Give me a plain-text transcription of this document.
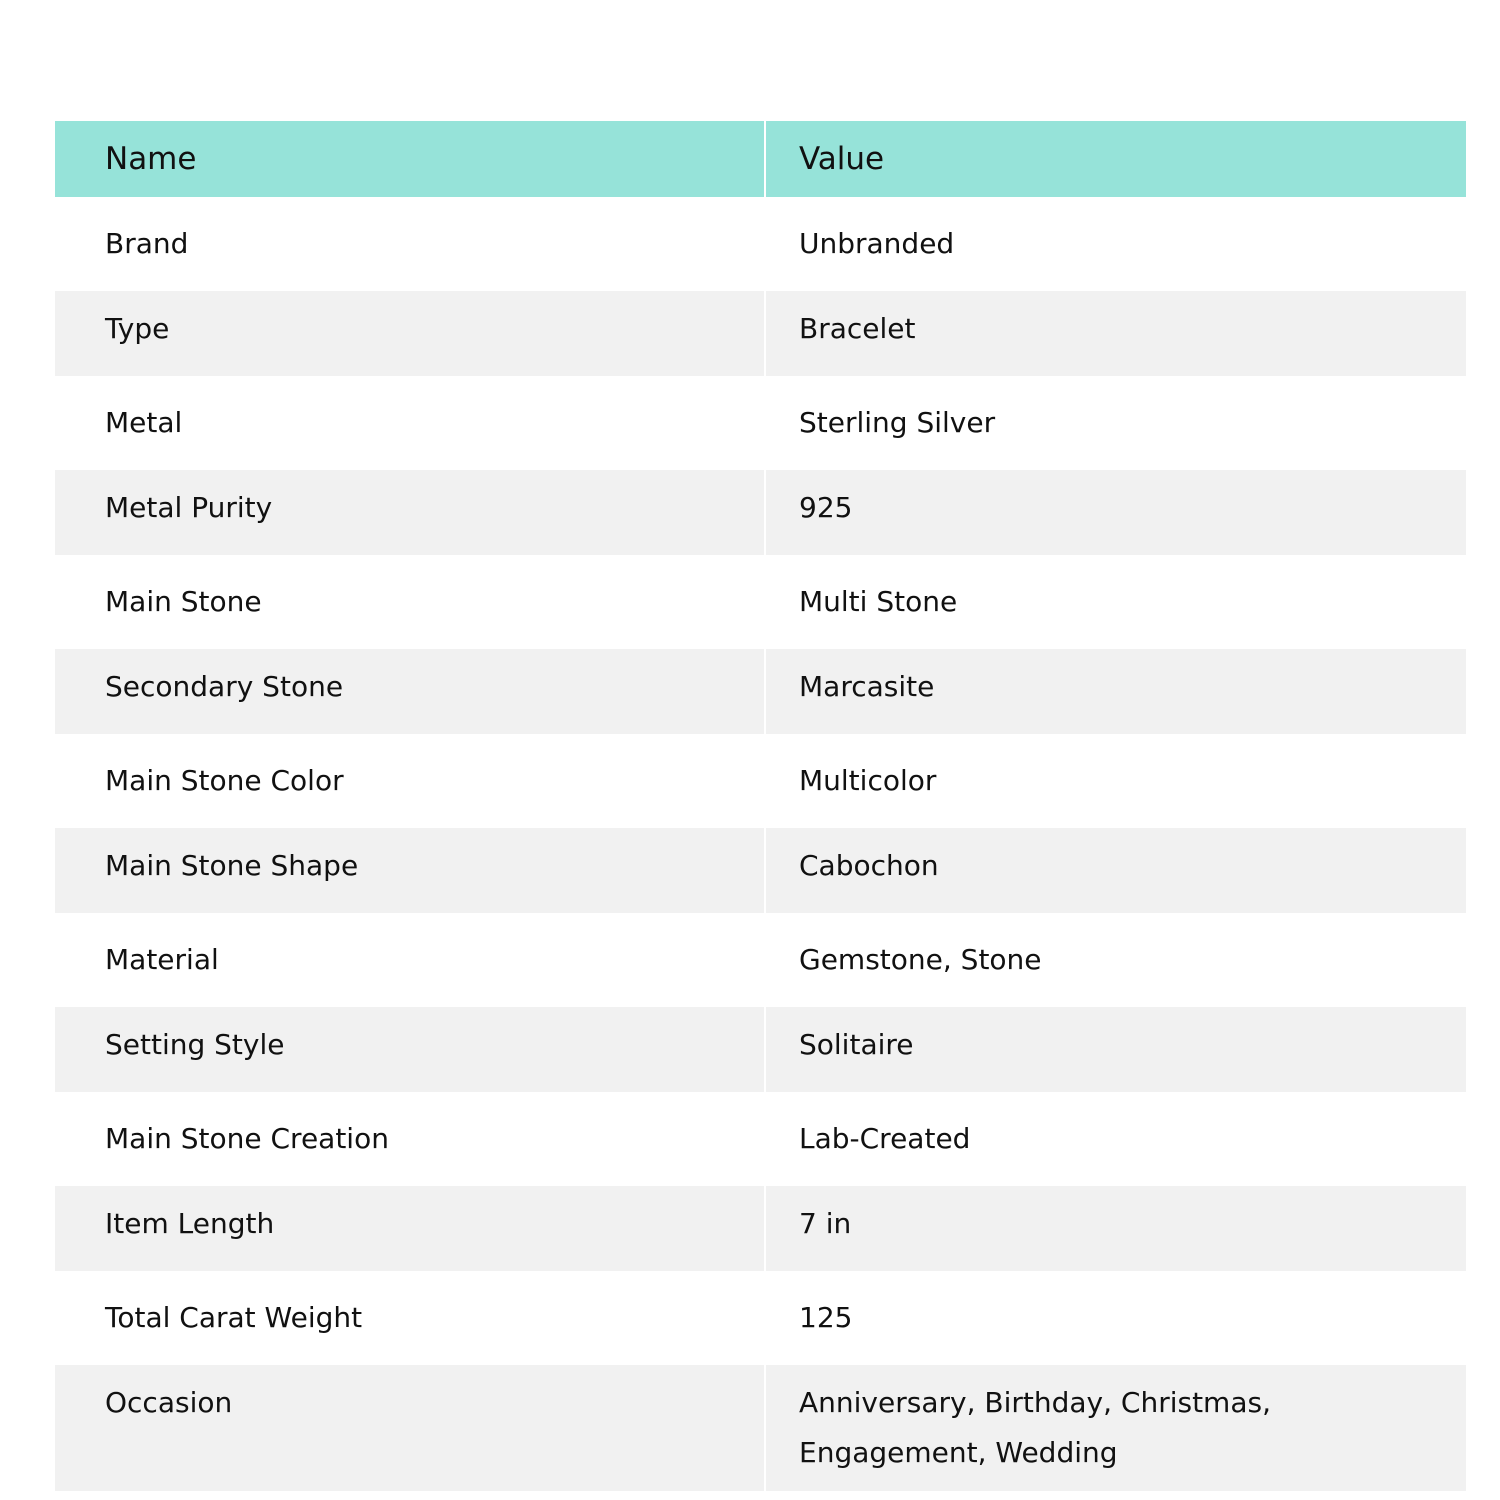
Name	Value
Brand	Unbranded
Type	Bracelet
Metal	Sterling Silver
Metal Purity	925
Main Stone	Multi Stone
Secondary Stone	Marcasite
Main Stone Color	Multicolor
Main Stone Shape	Cabochon
Material	Gemstone, Stone
Setting Style	Solitaire
Main Stone Creation	Lab-Created
Item Length	7 in
Total Carat Weight	125
Occasion	Anniversary, Birthday, Christmas, Engagement, Wedding
